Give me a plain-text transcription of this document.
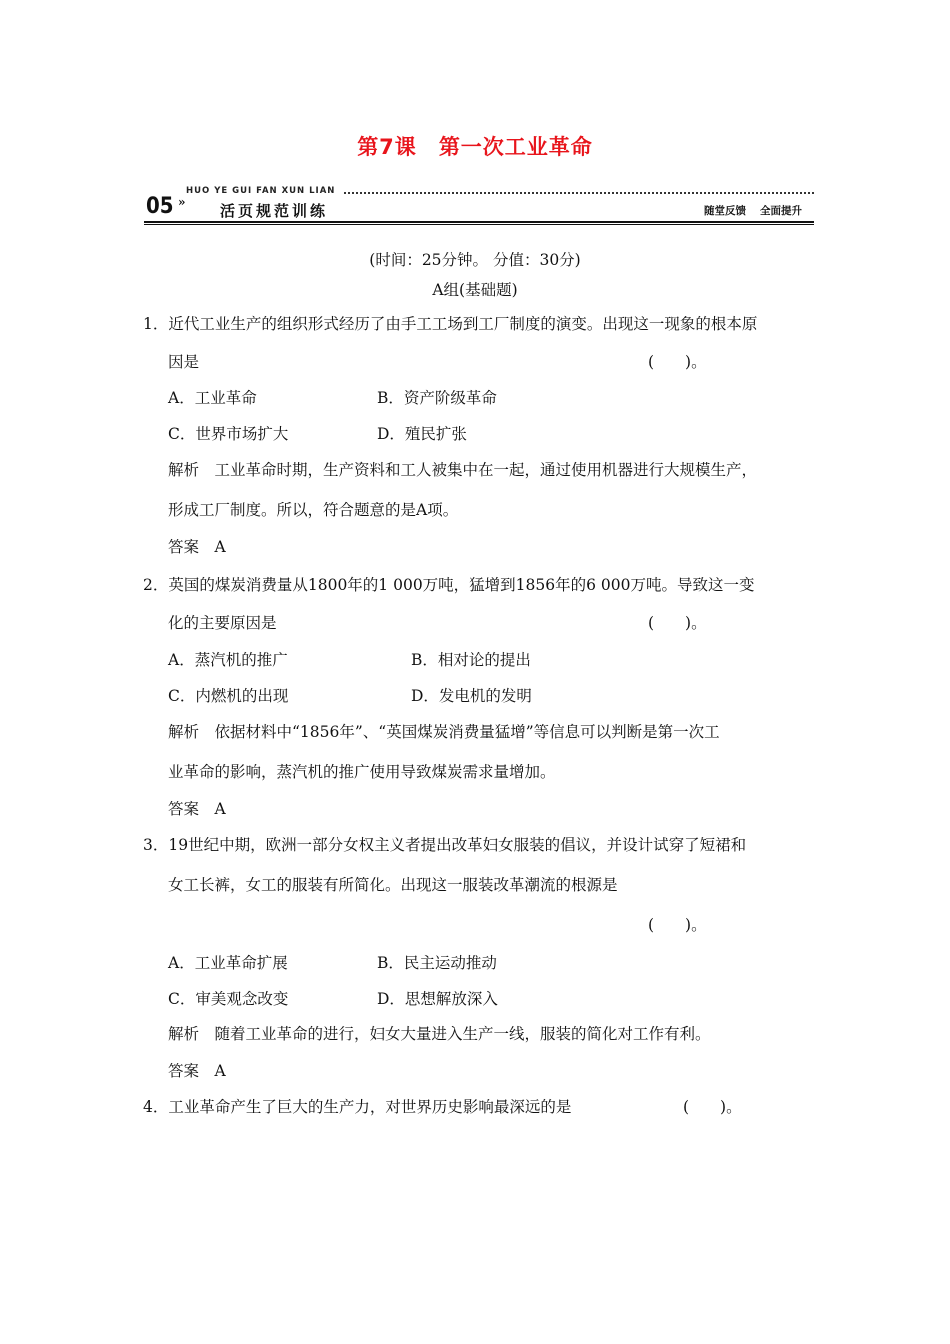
第7课 第一次工业革命
HUO YE GUI FAN XUN LIAN
05 » 活页规范训练	随堂反馈 全面提升
(时间：25分钟。 分值：30分)
A组(基础题)
1．近代工业生产的组织形式经历了由手工工场到工厂制度的演变。出现这一现象的根本原
因是	(　　)。
A．工业革命	B．资产阶级革命
C．世界市场扩大	D．殖民扩张
解析　工业革命时期，生产资料和工人被集中在一起，通过使用机器进行大规模生产，
形成工厂制度。所以，符合题意的是A项。
答案　A
2．英国的煤炭消费量从1800年的1 000万吨，猛增到1856年的6 000万吨。导致这一变
化的主要原因是	(　　)。
A．蒸汽机的推广	B．相对论的提出
C．内燃机的出现	D．发电机的发明
解析　依据材料中“1856年”、“英国煤炭消费量猛增”等信息可以判断是第一次工
业革命的影响，蒸汽机的推广使用导致煤炭需求量增加。
答案　A
3．19世纪中期，欧洲一部分女权主义者提出改革妇女服装的倡议，并设计试穿了短裙和
女工长裤，女工的服装有所简化。出现这一服装改革潮流的根源是
(　　)。
A．工业革命扩展	B．民主运动推动
C．审美观念改变	D．思想解放深入
解析　随着工业革命的进行，妇女大量进入生产一线，服装的简化对工作有利。
答案　A
4．工业革命产生了巨大的生产力，对世界历史影响最深远的是	(　　)。
